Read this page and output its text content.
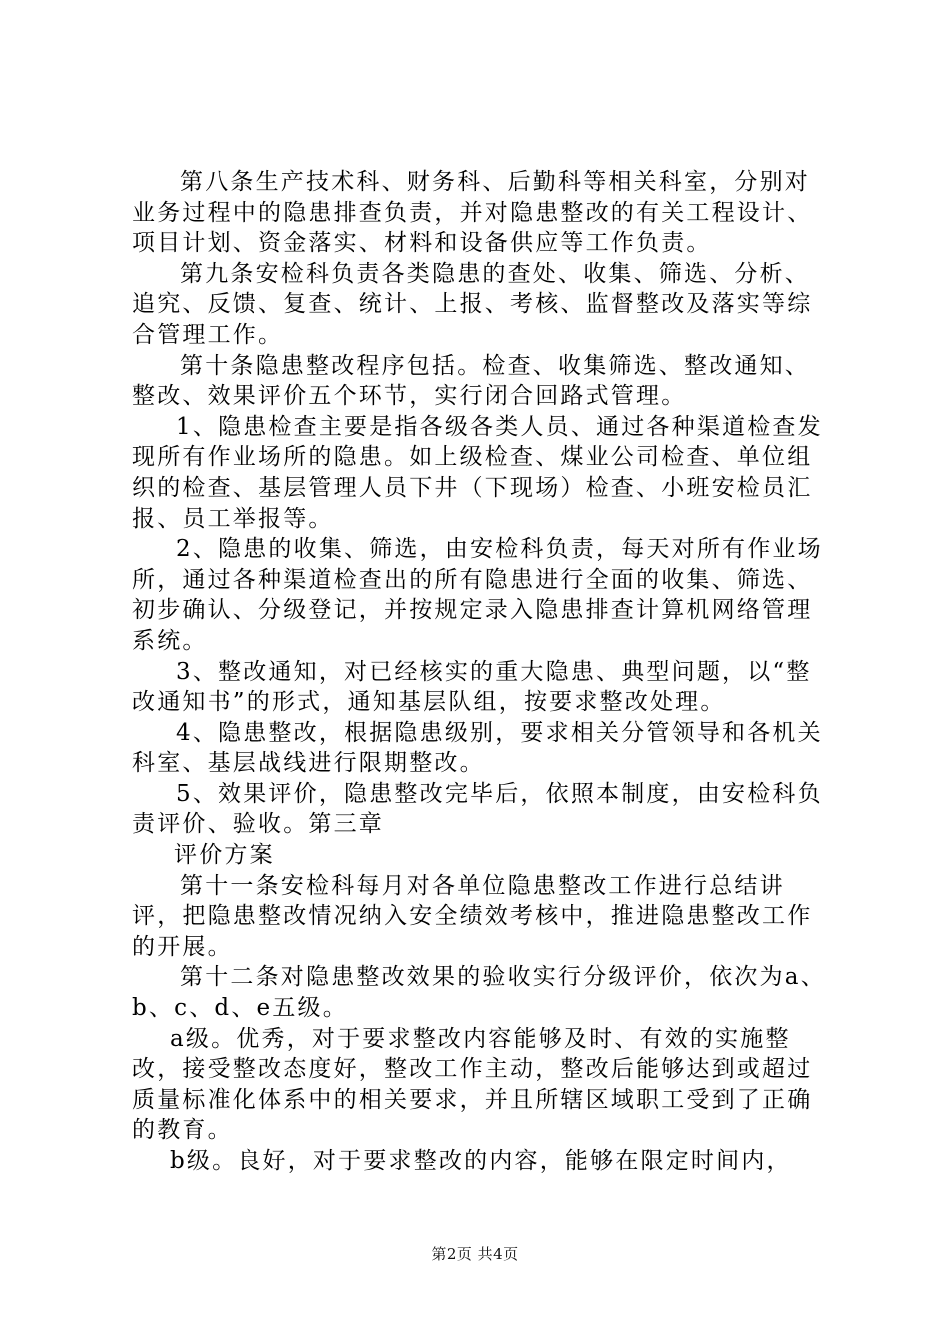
第八条生产技术科、财务科、后勤科等相关科室，分别对业务过程中的隐患排查负责，并对隐患整改的有关工程设计、项目计划、资金落实、材料和设备供应等工作负责。

第九条安检科负责各类隐患的查处、收集、筛选、分析、追究、反馈、复查、统计、上报、考核、监督整改及落实等综合管理工作。

第十条隐患整改程序包括。检查、收集筛选、整改通知、整改、效果评价五个环节，实行闭合回路式管理。

1、隐患检查主要是指各级各类人员、通过各种渠道检查发现所有作业场所的隐患。如上级检查、煤业公司检查、单位组织的检查、基层管理人员下井（下现场）检查、小班安检员汇报、员工举报等。

2、隐患的收集、筛选，由安检科负责，每天对所有作业场所，通过各种渠道检查出的所有隐患进行全面的收集、筛选、初步确认、分级登记，并按规定录入隐患排查计算机网络管理系统。

3、整改通知，对已经核实的重大隐患、典型问题，以“整改通知书”的形式，通知基层队组，按要求整改处理。

4、隐患整改，根据隐患级别，要求相关分管领导和各机关科室、基层战线进行限期整改。

5、效果评价，隐患整改完毕后，依照本制度，由安检科负责评价、验收。第三章

评价方案

第十一条安检科每月对各单位隐患整改工作进行总结讲评，把隐患整改情况纳入安全绩效考核中，推进隐患整改工作的开展。

第十二条对隐患整改效果的验收实行分级评价，依次为a、b、c、d、e五级。

a级。优秀，对于要求整改内容能够及时、有效的实施整改，接受整改态度好，整改工作主动，整改后能够达到或超过质量标准化体系中的相关要求，并且所辖区域职工受到了正确的教育。

b级。良好，对于要求整改的内容，能够在限定时间内，

第2页 共4页
